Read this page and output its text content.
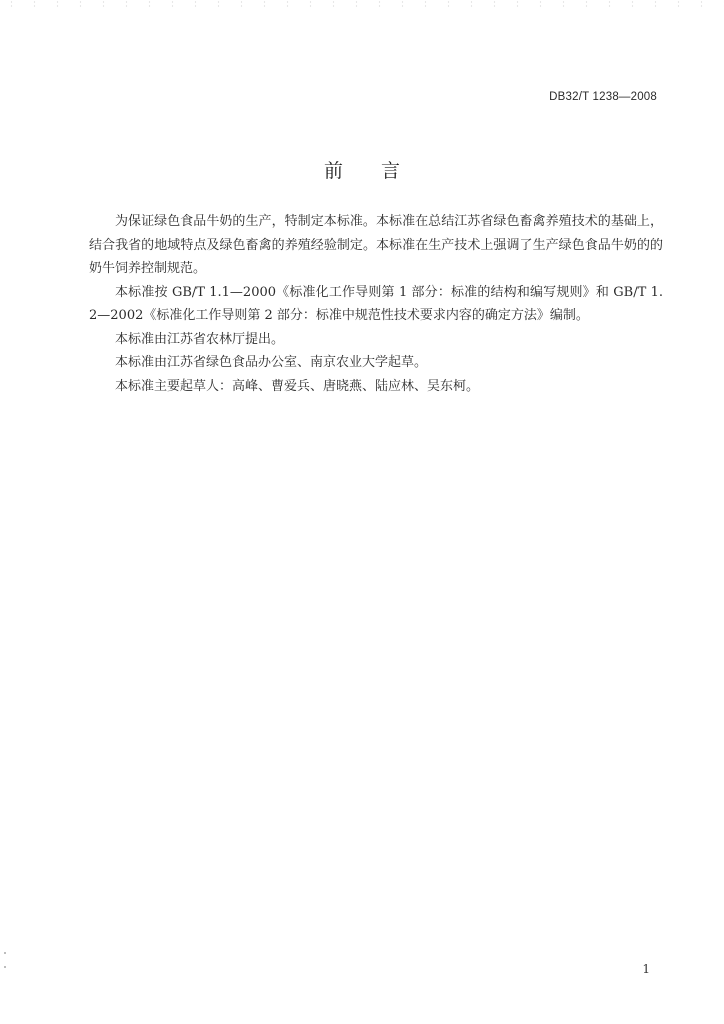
DB32/T 1238—2008
前 言

为保证绿色食品牛奶的生产，特制定本标准。本标准在总结江苏省绿色畜禽养殖技术的基础上，结合我省的地域特点及绿色畜禽的养殖经验制定。本标准在生产技术上强调了生产绿色食品牛奶的的奶牛饲养控制规范。

本标准按 GB/T 1.1—2000《标准化工作导则第 1 部分：标准的结构和编写规则》和 GB/T 1.2—2002《标准化工作导则第 2 部分：标准中规范性技术要求内容的确定方法》编制。

本标准由江苏省农林厅提出。

本标准由江苏省绿色食品办公室、南京农业大学起草。

本标准主要起草人：高峰、曹爱兵、唐晓燕、陆应林、吴东柯。

1
